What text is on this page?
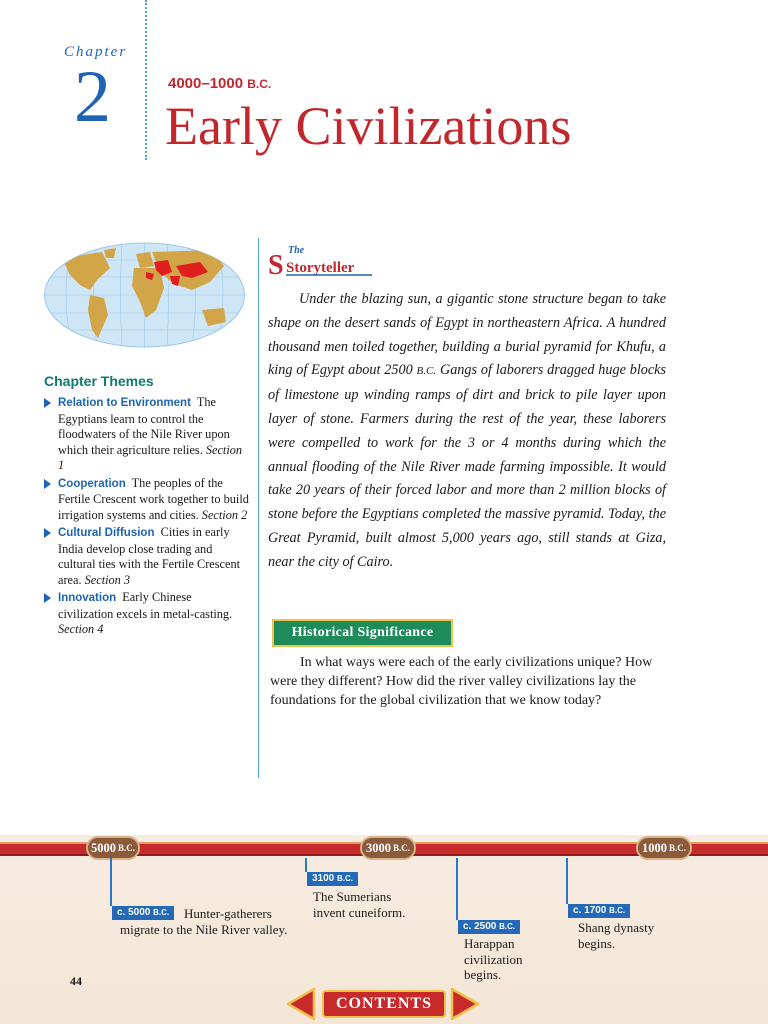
Chapter
2	4000–1000 B.C.
Early Civilizations
Chapter Themes
Relation to Environment The Egyptians learn to control the floodwaters of the Nile River upon which their agriculture relies. Section 1
Cooperation The peoples of the Fertile Crescent work together to build irrigation systems and cities. Section 2
Cultural Diffusion Cities in early India develop close trading and cultural ties with the Fertile Crescent area. Section 3
Innovation Early Chinese civilization excels in metal-casting. Section 4
The
S Storyteller
Under the blazing sun, a gigantic stone structure began to take shape on the desert sands of Egypt in northeastern Africa. A hundred thousand men toiled together, building a burial pyramid for Khufu, a king of Egypt about 2500 B.C. Gangs of laborers dragged huge blocks of limestone up winding ramps of dirt and brick to pile layer upon layer of stone. Farmers during the rest of the year, these laborers were compelled to work for the 3 or 4 months during which the annual flooding of the Nile River made farming impossible. It would take 20 years of their forced labor and more than 2 million blocks of stone before the Egyptians completed the massive pyramid. Today, the Great Pyramid, built almost 5,000 years ago, still stands at Giza, near the city of Cairo.
Historical Significance
In what ways were each of the early civilizations unique? How were they different? How did the river valley civilizations lay the foundations for the global civilization that we know today?
5000 B.C.	3000 B.C.	1000 B.C.
c. 5000 B.C.	Hunter-gatherers migrate to the Nile River valley.
3100 B.C.
The Sumerians invent cuneiform.
c. 2500 B.C.
Harappan civilization begins.
c. 1700 B.C.
Shang dynasty begins.
44
CONTENTS
